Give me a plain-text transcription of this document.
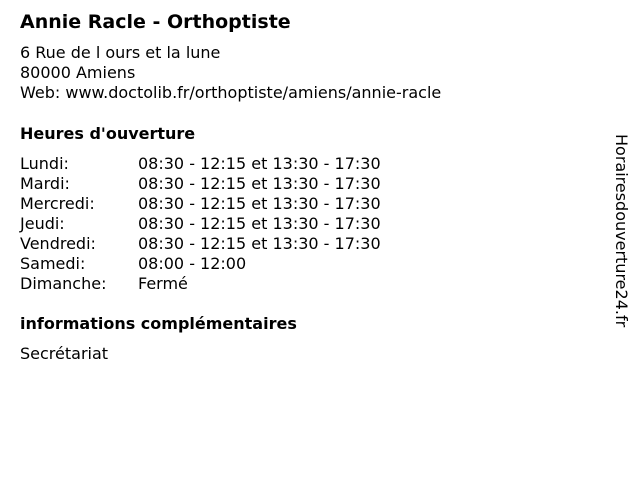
Annie Racle - Orthoptiste
6 Rue de l ours et la lune
80000 Amiens
Web: www.doctolib.fr/orthoptiste/amiens/annie-racle
Heures d'ouverture
Lundi:	08:30 - 12:15 et 13:30 - 17:30
Mardi:	08:30 - 12:15 et 13:30 - 17:30
Mercredi:	08:30 - 12:15 et 13:30 - 17:30
Jeudi:	08:30 - 12:15 et 13:30 - 17:30
Vendredi:	08:30 - 12:15 et 13:30 - 17:30
Samedi:	08:00 - 12:00
Dimanche:	Fermé
informations complémentaires
Secrétariat
Horairesdouverture24.fr
